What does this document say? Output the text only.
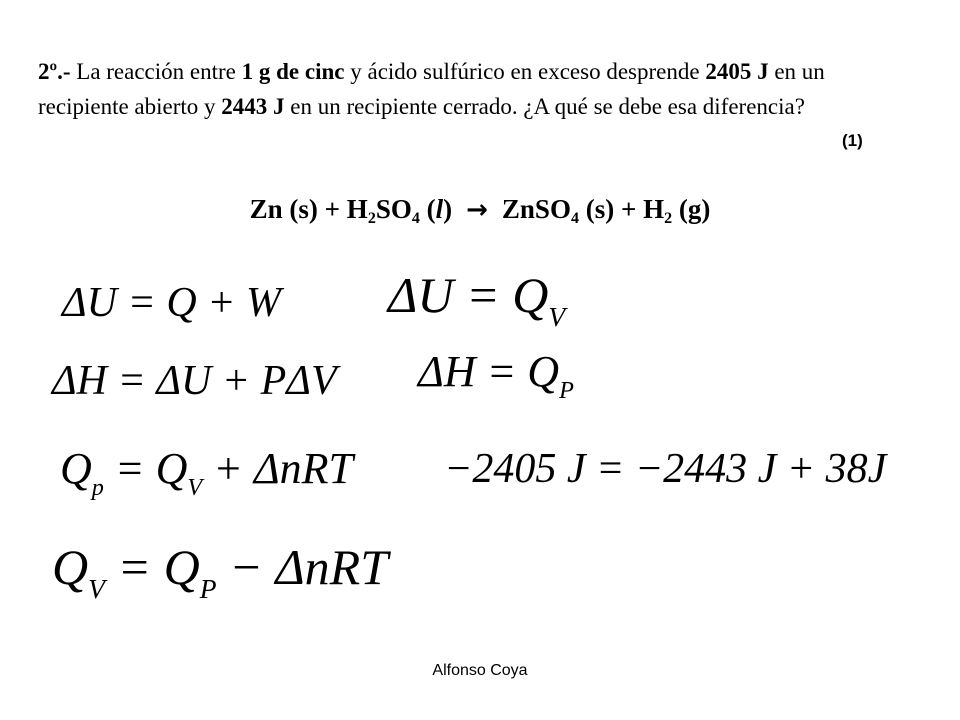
2º.- La reacción entre 1 g de cinc y ácido sulfúrico en exceso desprende 2405 J en un recipiente abierto y 2443 J en un recipiente cerrado. ¿A qué se debe esa diferencia?
(1)
Zn $(s) + H_2SO_4$ (l) → ZnSO$_4$ $(s) + H_2$ (g)
ΔU = Q + W $\Delta U = Q_V$
ΔH = ΔU + PΔV $\Delta H = Q_P$
$Q_p = Q_V + \Delta nRT -2405$ J = −2443 J + 38J
$Q_V = Q_P - \Delta nRT$
Alfonso Coya
